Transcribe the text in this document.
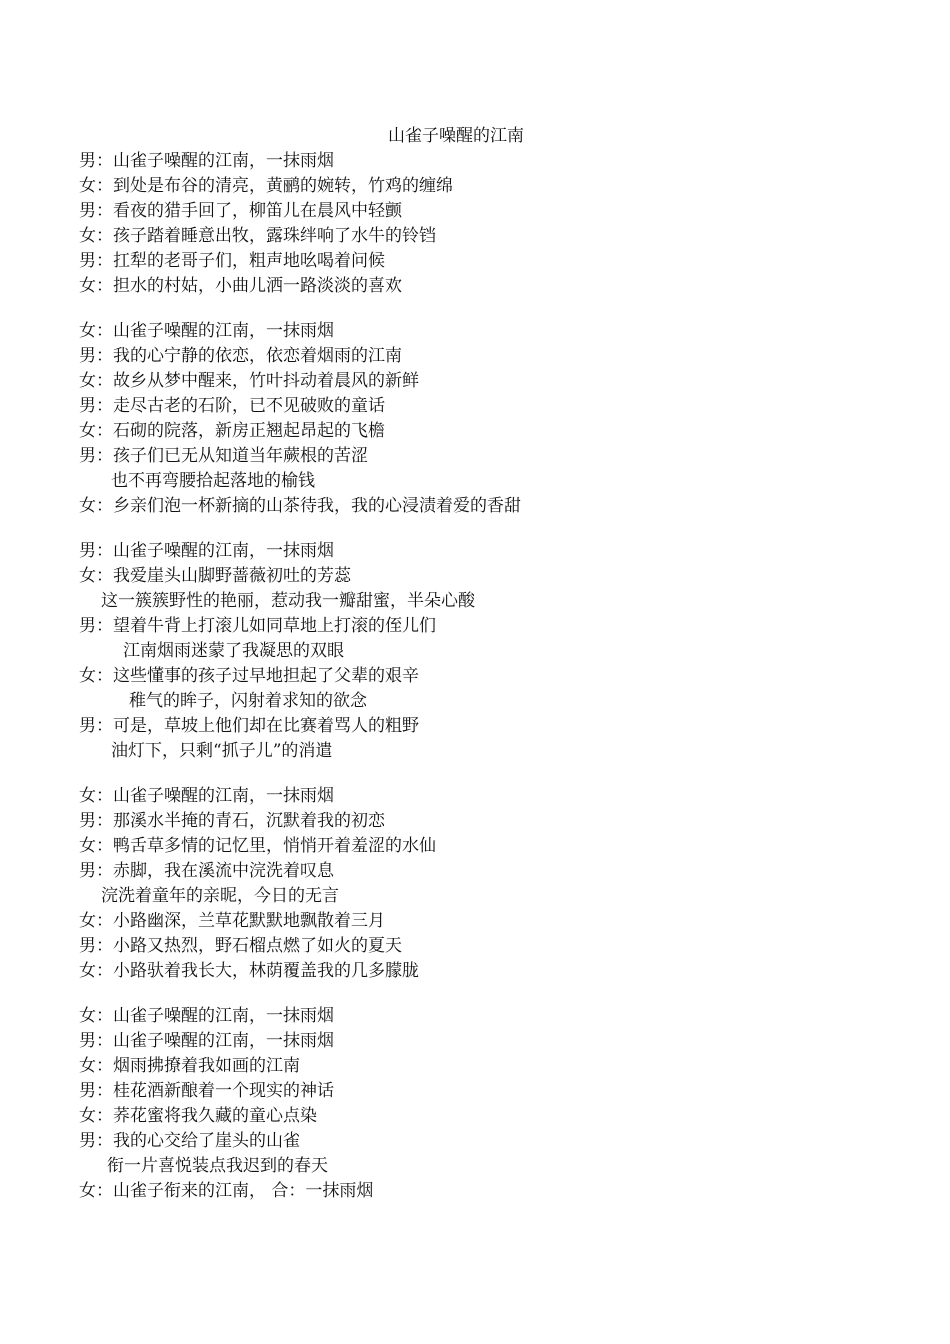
山雀子噪醒的江南
男：山雀子噪醒的江南，一抹雨烟
女：到处是布谷的清亮，黄鹂的婉转，竹鸡的缠绵
男：看夜的猎手回了，柳笛儿在晨风中轻颤
女：孩子踏着睡意出牧，露珠绊响了水牛的铃铛
男：扛犁的老哥子们，粗声地吆喝着问候
女：担水的村姑，小曲儿洒一路淡淡的喜欢
女：山雀子噪醒的江南，一抹雨烟
男：我的心宁静的依恋，依恋着烟雨的江南
女：故乡从梦中醒来，竹叶抖动着晨风的新鲜
男：走尽古老的石阶，已不见破败的童话
女：石砌的院落，新房正翘起昂起的飞檐
男：孩子们已无从知道当年蕨根的苦涩
也不再弯腰拾起落地的榆钱
女：乡亲们泡一杯新摘的山茶待我，我的心浸渍着爱的香甜
男：山雀子噪醒的江南，一抹雨烟
女：我爱崖头山脚野蔷薇初吐的芳蕊
这一簇簇野性的艳丽，惹动我一瓣甜蜜，半朵心酸
男：望着牛背上打滚儿如同草地上打滚的侄儿们
江南烟雨迷蒙了我凝思的双眼
女：这些懂事的孩子过早地担起了父辈的艰辛
稚气的眸子，闪射着求知的欲念
男：可是，草坡上他们却在比赛着骂人的粗野
油灯下，只剩“抓子儿”的消遣
女：山雀子噪醒的江南，一抹雨烟
男：那溪水半掩的青石，沉默着我的初恋
女：鸭舌草多情的记忆里，悄悄开着羞涩的水仙
男：赤脚，我在溪流中浣洗着叹息
浣洗着童年的亲昵，今日的无言
女：小路幽深，兰草花默默地飘散着三月
男：小路又热烈，野石榴点燃了如火的夏天
女：小路驮着我长大，林荫覆盖我的几多朦胧
女：山雀子噪醒的江南，一抹雨烟
男：山雀子噪醒的江南，一抹雨烟
女：烟雨拂撩着我如画的江南
男：桂花酒新酿着一个现实的神话
女：荞花蜜将我久藏的童心点染
男：我的心交给了崖头的山雀
衔一片喜悦装点我迟到的春天
女：山雀子衔来的江南， 合：一抹雨烟
